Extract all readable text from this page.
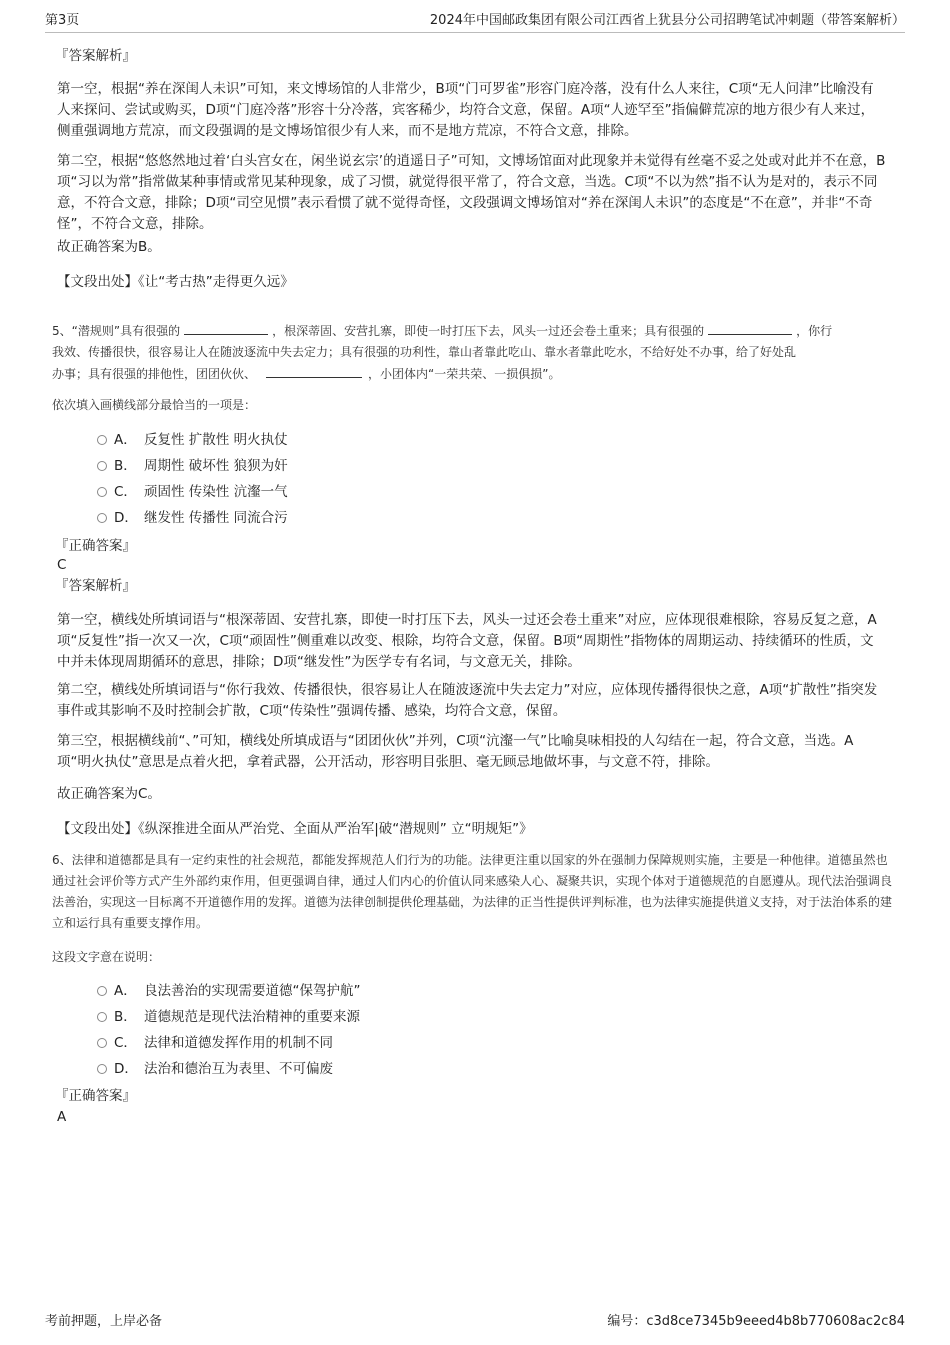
第3页	2024年中国邮政集团有限公司江西省上犹县分公司招聘笔试冲刺题（带答案解析）
『答案解析』

第一空，根据“养在深闺人未识”可知，来文博场馆的人非常少，B项“门可罗雀”形容门庭冷落，没有什么人来往，C项“无人问津”比喻没有人来探问、尝试或购买，D项“门庭冷落”形容十分冷落，宾客稀少，均符合文意，保留。A项“人迹罕至”指偏僻荒凉的地方很少有人来过，侧重强调地方荒凉，而文段强调的是文博场馆很少有人来，而不是地方荒凉，不符合文意，排除。

第二空，根据“悠悠然地过着‘白头宫女在，闲坐说玄宗’的逍遥日子”可知，文博场馆面对此现象并未觉得有丝毫不妥之处或对此并不在意，B项“习以为常”指常做某种事情或常见某种现象，成了习惯，就觉得很平常了，符合文意，当选。C项“不以为然”指不认为是对的，表示不同意，不符合文意，排除；D项“司空见惯”表示看惯了就不觉得奇怪，文段强调文博场馆对“养在深闺人未识”的态度是“不在意”，并非“不奇怪”，不符合文意，排除。

故正确答案为B。

【文段出处】《让“考古热”走得更久远》

5、“潜规则”具有很强的	，根深蒂固、安营扎寨，即使一时打压下去，风头一过还会卷土重来；具有很强的	，你行
我效、传播很快，很容易让人在随波逐流中失去定力；具有很强的功利性，靠山者靠此吃山、靠水者靠此吃水，不给好处不办事，给了好处乱
办事；具有很强的排他性，团团伙伙、	，小团体内“一荣共荣、一损俱损”。
依次填入画横线部分最恰当的一项是：
A． 反复性 扩散性 明火执仗
B． 周期性 破坏性 狼狈为奸
C． 顽固性 传染性 沆瀣一气
D． 继发性 传播性 同流合污
『正确答案』
C
『答案解析』

第一空，横线处所填词语与“根深蒂固、安营扎寨，即使一时打压下去，风头一过还会卷土重来”对应，应体现很难根除，容易反复之意，A项“反复性”指一次又一次，C项“顽固性”侧重难以改变、根除，均符合文意，保留。B项“周期性”指物体的周期运动、持续循环的性质，文中并未体现周期循环的意思，排除；D项“继发性”为医学专有名词，与文意无关，排除。

第二空，横线处所填词语与“你行我效、传播很快，很容易让人在随波逐流中失去定力”对应，应体现传播得很快之意，A项“扩散性”指突发事件或其影响不及时控制会扩散，C项“传染性”强调传播、感染，均符合文意，保留。

第三空，根据横线前“、”可知，横线处所填成语与“团团伙伙”并列，C项“沆瀣一气”比喻臭味相投的人勾结在一起，符合文意，当选。A项“明火执仗”意思是点着火把，拿着武器，公开活动，形容明目张胆、毫无顾忌地做坏事，与文意不符，排除。

故正确答案为C。

【文段出处】《纵深推进全面从严治党、全面从严治军|破“潜规则” 立“明规矩”》

6、法律和道德都是具有一定约束性的社会规范，都能发挥规范人们行为的功能。法律更注重以国家的外在强制力保障规则实施，主要是一种他律。道德虽然也通过社会评价等方式产生外部约束作用，但更强调自律，通过人们内心的价值认同来感染人心、凝聚共识，实现个体对于道德规范的自愿遵从。现代法治强调良法善治，实现这一目标离不开道德作用的发挥。道德为法律创制提供伦理基础，为法律的正当性提供评判标准，也为法律实施提供道义支持，对于法治体系的建立和运行具有重要支撑作用。
这段文字意在说明：
A． 良法善治的实现需要道德“保驾护航”
B． 道德规范是现代法治精神的重要来源
C． 法律和道德发挥作用的机制不同
D． 法治和德治互为表里、不可偏废
『正确答案』
A
考前押题，上岸必备	编号：c3d8ce7345b9eeed4b8b770608ac2c84
